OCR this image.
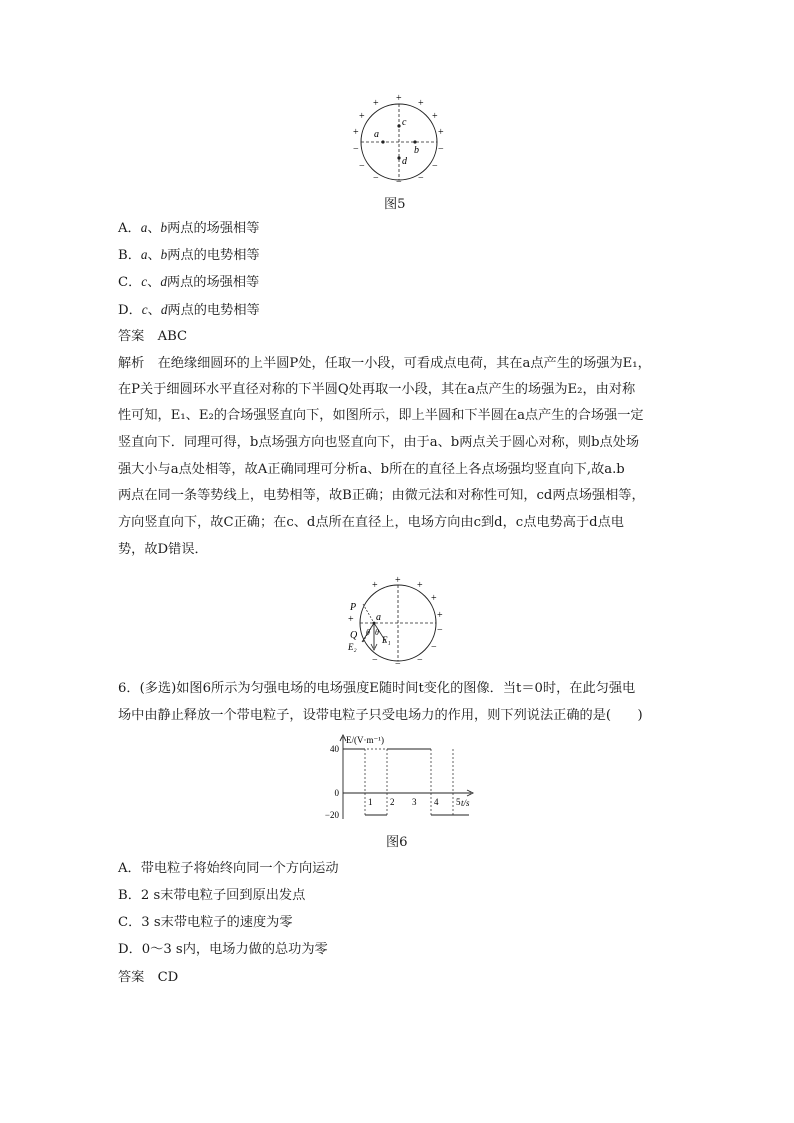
a
b
c
d
+
+	+
+	+
+	+
−	−
−	−
−	−
−
图5
A．a、b两点的场强相等
B．a、b两点的电势相等
C．c、d两点的场强相等
D．c、d两点的电势相等
答案　 ABC
解析　 在绝缘细圆环的上半圆P处，任取一小段，可看成点电荷，其在a点产生的场强为E₁，
在P关于细圆环水平直径对称的下半圆Q处再取一小段，其在a点产生的场强为E₂，由对称
性可知，E₁、E₂的合场强竖直向下，如图所示，即上半圆和下半圆在a点产生的合场强一定
竖直向下．同理可得，b点场强方向也竖直向下，由于a、b两点关于圆心对称，则b点处场
强大小与a点处相等，故A正确同理可分析a、b所在的直径上各点场强均竖直向下,故a.b
两点在同一条等势线上，电势相等，故B正确；由微元法和对称性可知，cd两点场强相等，
方向竖直向下，故C正确；在c、d点所在直径上，电场方向由c到d，c点电势高于d点电
势，故D错误．
P
Q
a
θ θ
E₁
E₂
+
+	+
+
+	+
−
−
−	−
−
6．(多选)如图6所示为匀强电场的电场强度E随时间t变化的图像．当t＝0时，在此匀强电
场中由静止释放一个带电粒子，设带电粒子只受电场力的作用，则下列说法正确的是(　　)
E/(V·m⁻¹)
t/s
40
0
−20
1 2 3 4 5
图6
A．带电粒子将始终向同一个方向运动
B．2 s末带电粒子回到原出发点
C．3 s末带电粒子的速度为零
D．0～3 s内，电场力做的总功为零
答案　 CD
